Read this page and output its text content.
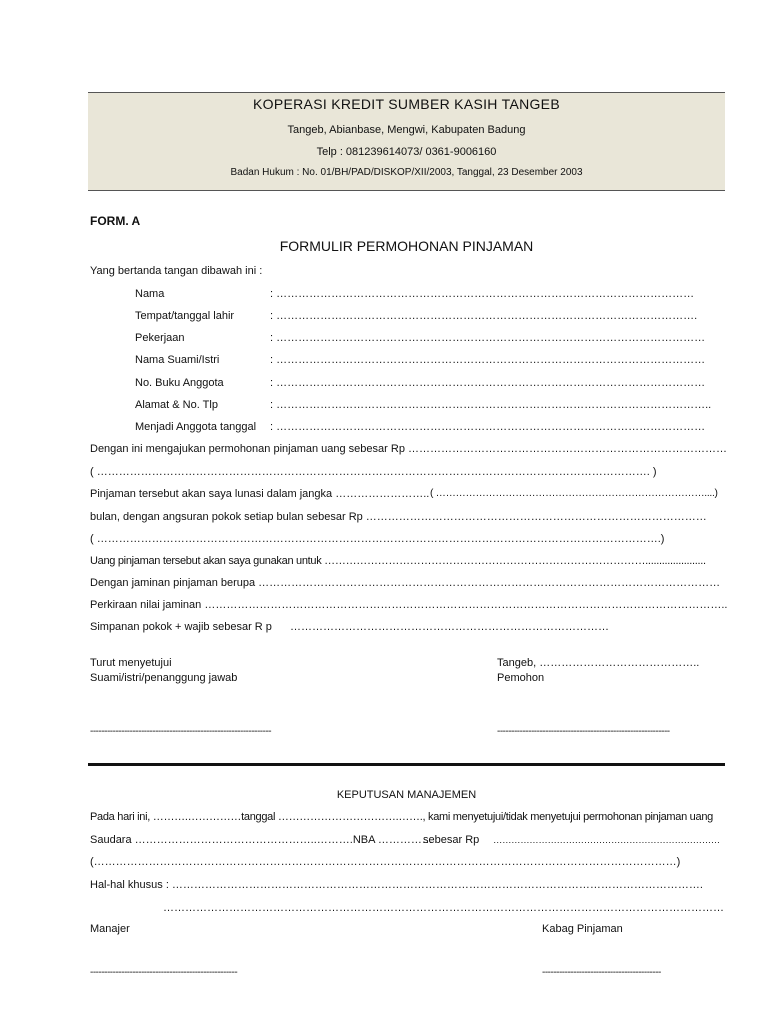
KOPERASI KREDIT SUMBER KASIH TANGEB
Tangeb, Abianbase, Mengwi, Kabupaten Badung
Telp : 081239614073/ 0361-9006160
Badan Hukum : No. 01/BH/PAD/DISKOP/XII/2003, Tanggal, 23 Desember 2003
FORM. A
FORMULIR PERMOHONAN PINJAMAN
Yang bertanda tangan dibawah ini :
Nama	: ……………………………………………………………………………………………………
Tempat/tanggal lahir	: …………………………………………………………………………………………………….
Pekerjaan	: ………………………………………………………………………………………………………
Nama Suami/Istri	: ………………………………………………………………………………………………………
No. Buku Anggota	: ………………………………………………………………………………………………………
Alamat & No. Tlp	: ………………………………………………………………………………………………………..
Menjadi Anggota tanggal : ………………………………………………………………………………………………………
Dengan ini mengajukan permohonan pinjaman uang sebesar Rp ……………………………………………………………………………
( ……………………………………………………………………………………………………………………………………. )
Pinjaman tersebut akan saya lunasi dalam jangka …………………….. ( ………………………………………………………………………....)
bulan, dengan angsuran pokok setiap bulan sebesar Rp …………………………………………………………………………………
( ……………………………………………………………………………………………………………………………………….)
Uang pinjaman tersebut akan saya gunakan untuk ………………………………………………………………………………......................
Dengan jaminan pinjaman berupa ………………………………………………………………………………………………………………
Perkiraan nilai jaminan ……………………………………………………………………………………………………………………………..
Simpanan pokok + wajib sebesar R p ……………………………………………………………………………
Turut menyetujui
Suami/istri/penanggung jawab
Tangeb, ……………………………………..
Pemohon
----------------------------------------------------------------	-------------------------------------------------------------
KEPUTUSAN MANAJEMEN
Pada hari ini, ……….……………tanggal …………………………….……., kami menyetujui/tidak menyetujui permohonan pinjaman uang
Saudara …………………………………………..……….NBA ……………
sebesar Rp …………………………………………………………………
(……………………………………………………………………………………………………………………………………………)
Hal-hal khusus : ……………………………………………………………………………………………………………………………….
………………………………………………………………………………………………………………………………………
Manajer	Kabag Pinjaman
----------------------------------------------------	------------------------------------------
